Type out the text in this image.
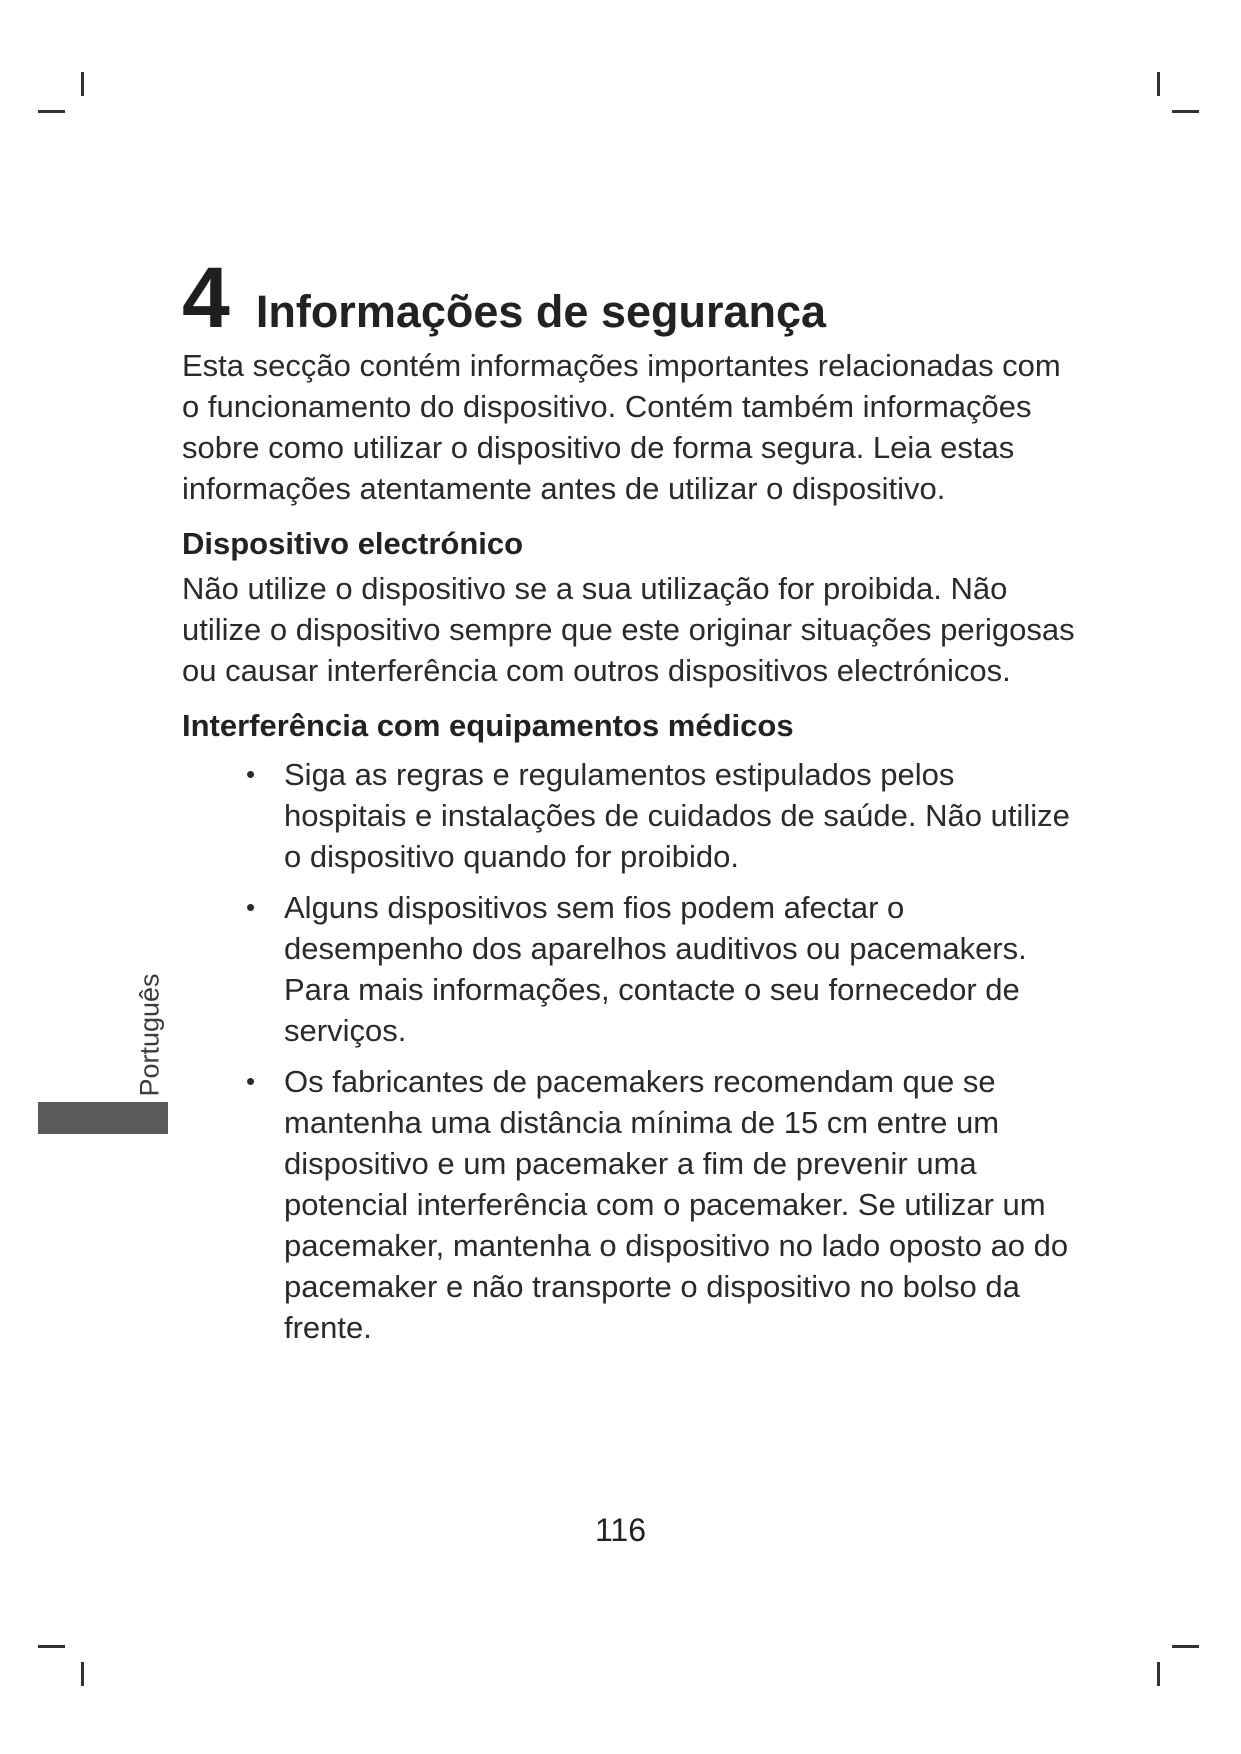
Português
4 Informações de segurança

Esta secção contém informações importantes relacionadas com o funcionamento do dispositivo. Contém também informações sobre como utilizar o dispositivo de forma segura. Leia estas informações atentamente antes de utilizar o dispositivo.

Dispositivo electrónico

Não utilize o dispositivo se a sua utilização for proibida. Não utilize o dispositivo sempre que este originar situações perigosas ou causar interferência com outros dispositivos electrónicos.

Interferência com equipamentos médicos
• Siga as regras e regulamentos estipulados pelos hospitais e instalações de cuidados de saúde. Não utilize o dispositivo quando for proibido.
• Alguns dispositivos sem fios podem afectar o desempenho dos aparelhos auditivos ou pacemakers. Para mais informações, contacte o seu fornecedor de serviços.
• Os fabricantes de pacemakers recomendam que se mantenha uma distância mínima de 15 cm entre um dispositivo e um pacemaker a fim de prevenir uma potencial interferência com o pacemaker. Se utilizar um pacemaker, mantenha o dispositivo no lado oposto ao do pacemaker e não transporte o dispositivo no bolso da frente.
116
